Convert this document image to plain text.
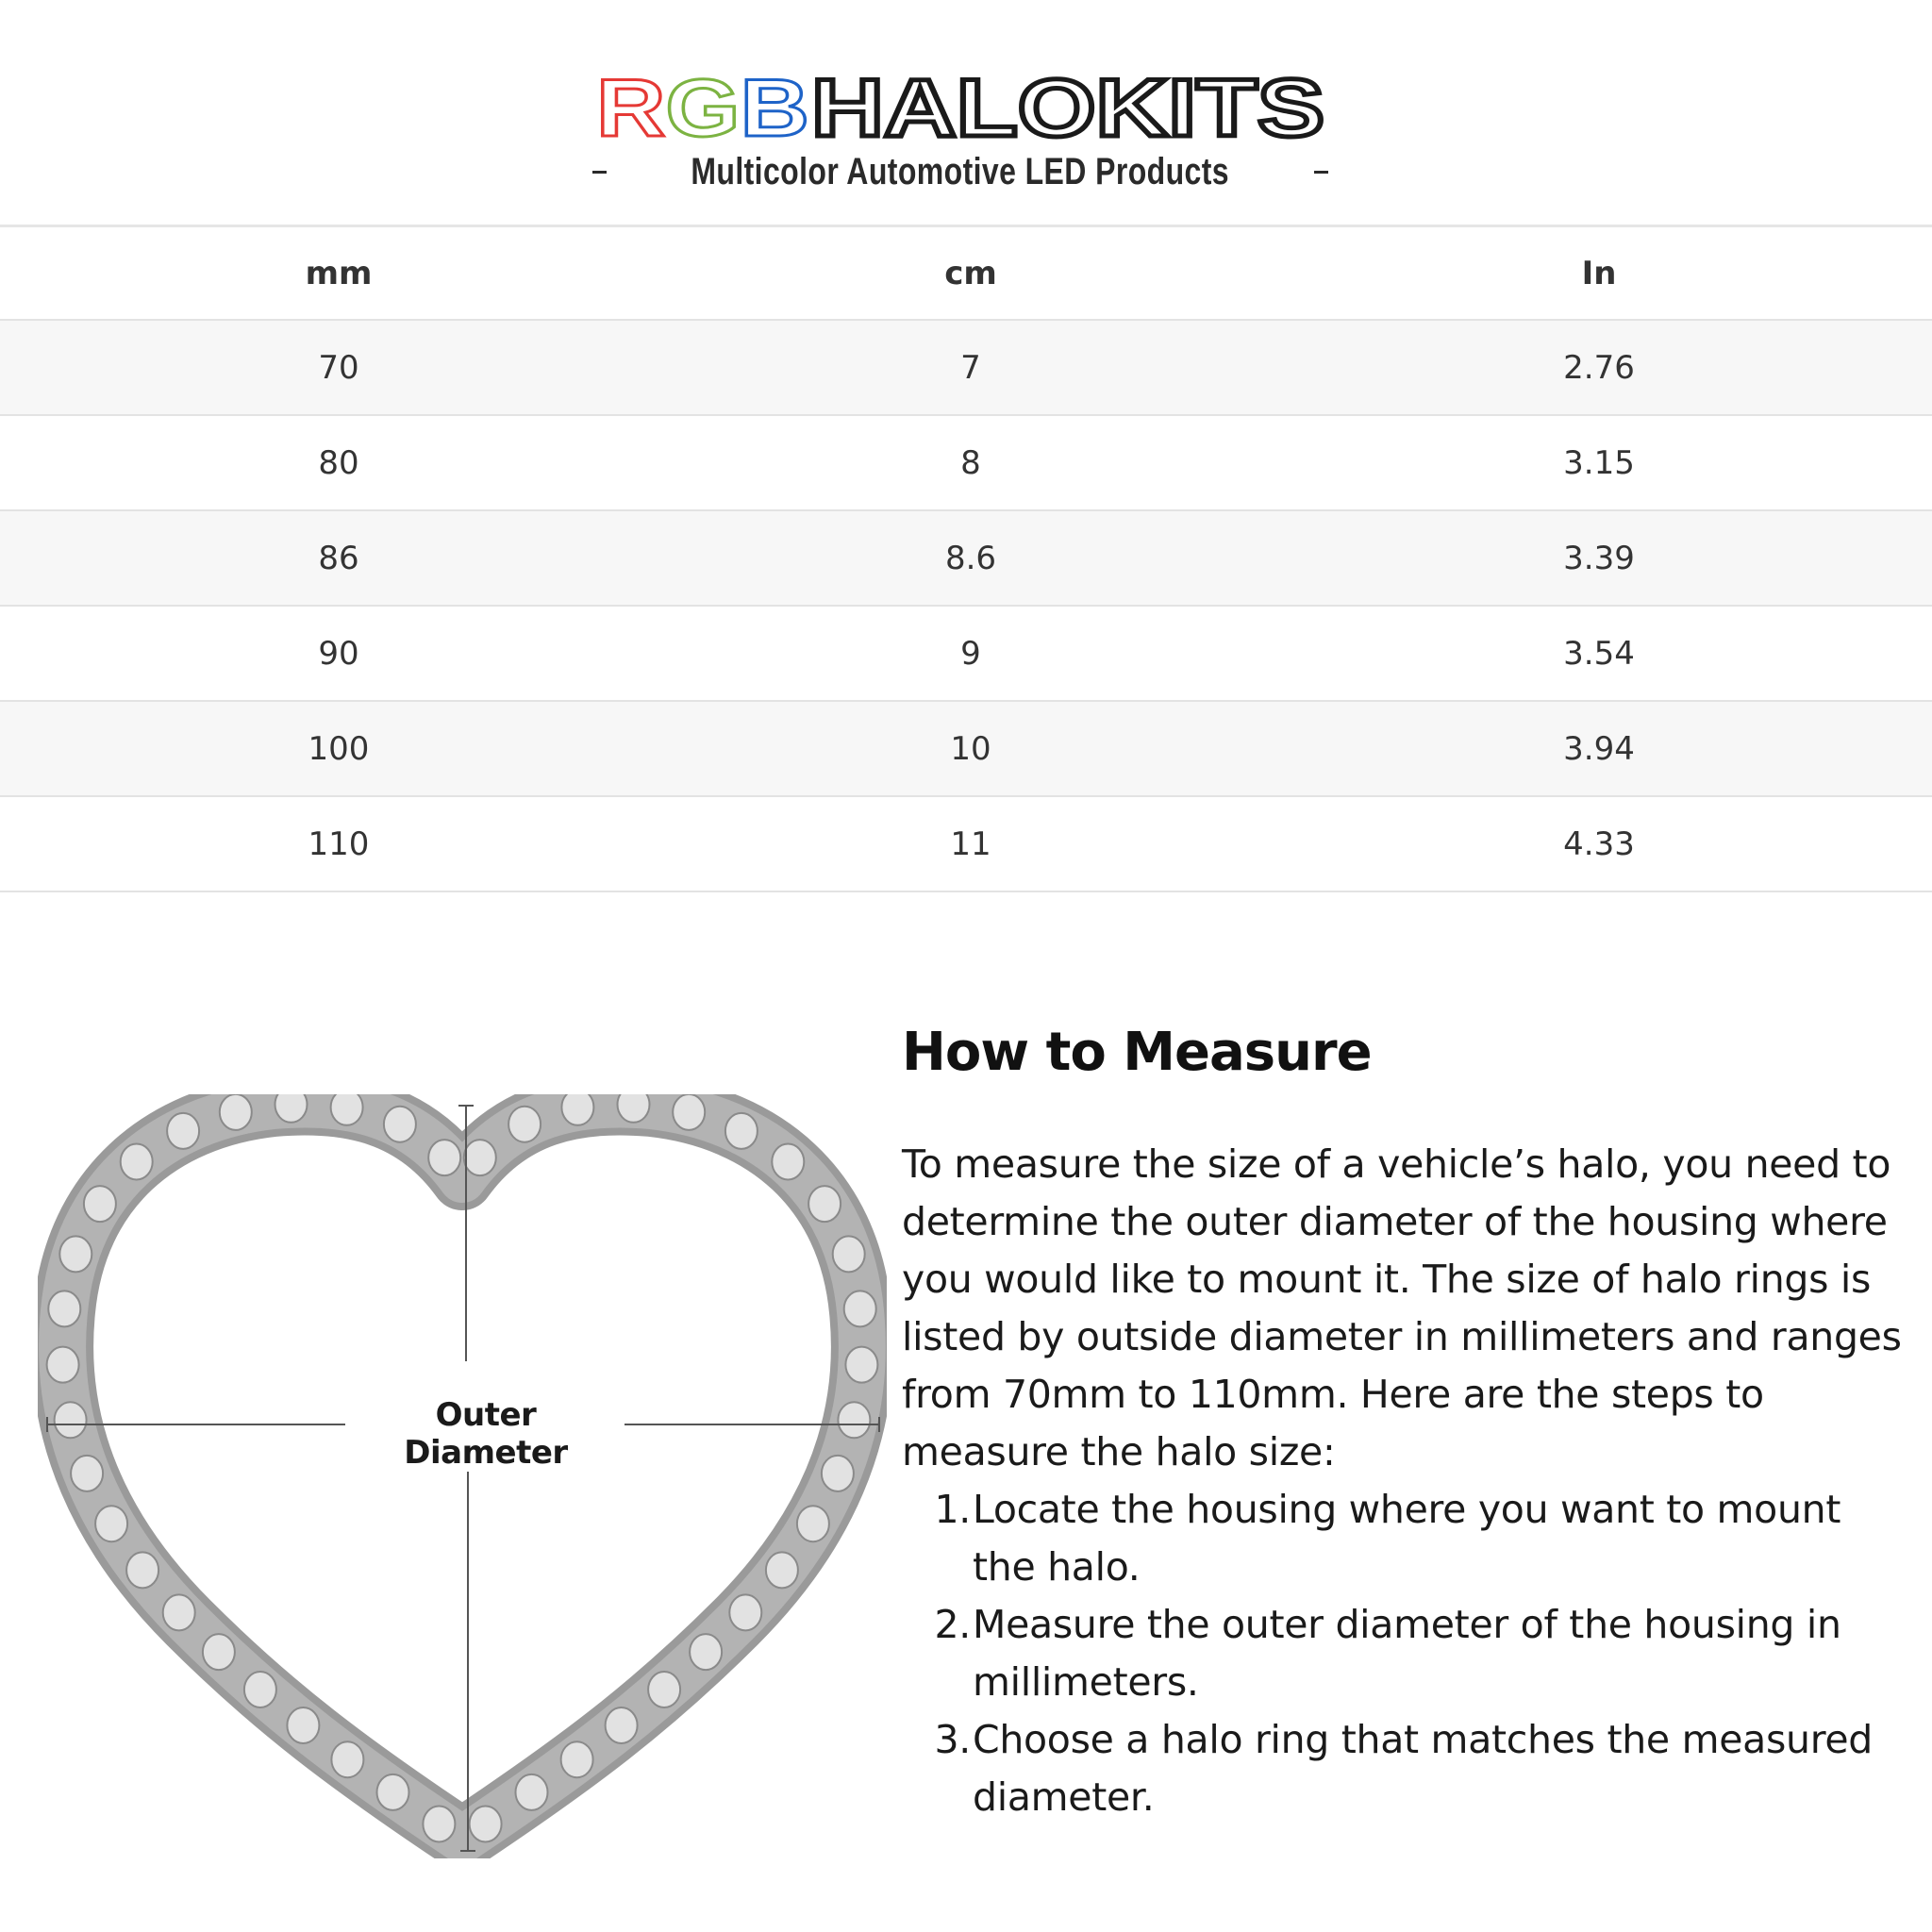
R G B HALOKITS
Multicolor Automotive LED Products
mm	cm	In
70	7	2.76
80	8	3.15
86	8.6	3.39
90	9	3.54
100	10	3.94
110	11	4.33
Outer Diameter
How to Measure

To measure the size of a vehicle’s halo, you need to determine the outer diameter of the housing where you would like to mount it. The size of halo rings is listed by outside diameter in millimeters and ranges from 70mm to 110mm. Here are the steps to measure the halo size:

1. Locate the housing where you want to mount the halo.
2. Measure the outer diameter of the housing in millimeters.
3. Choose a halo ring that matches the measured diameter.
